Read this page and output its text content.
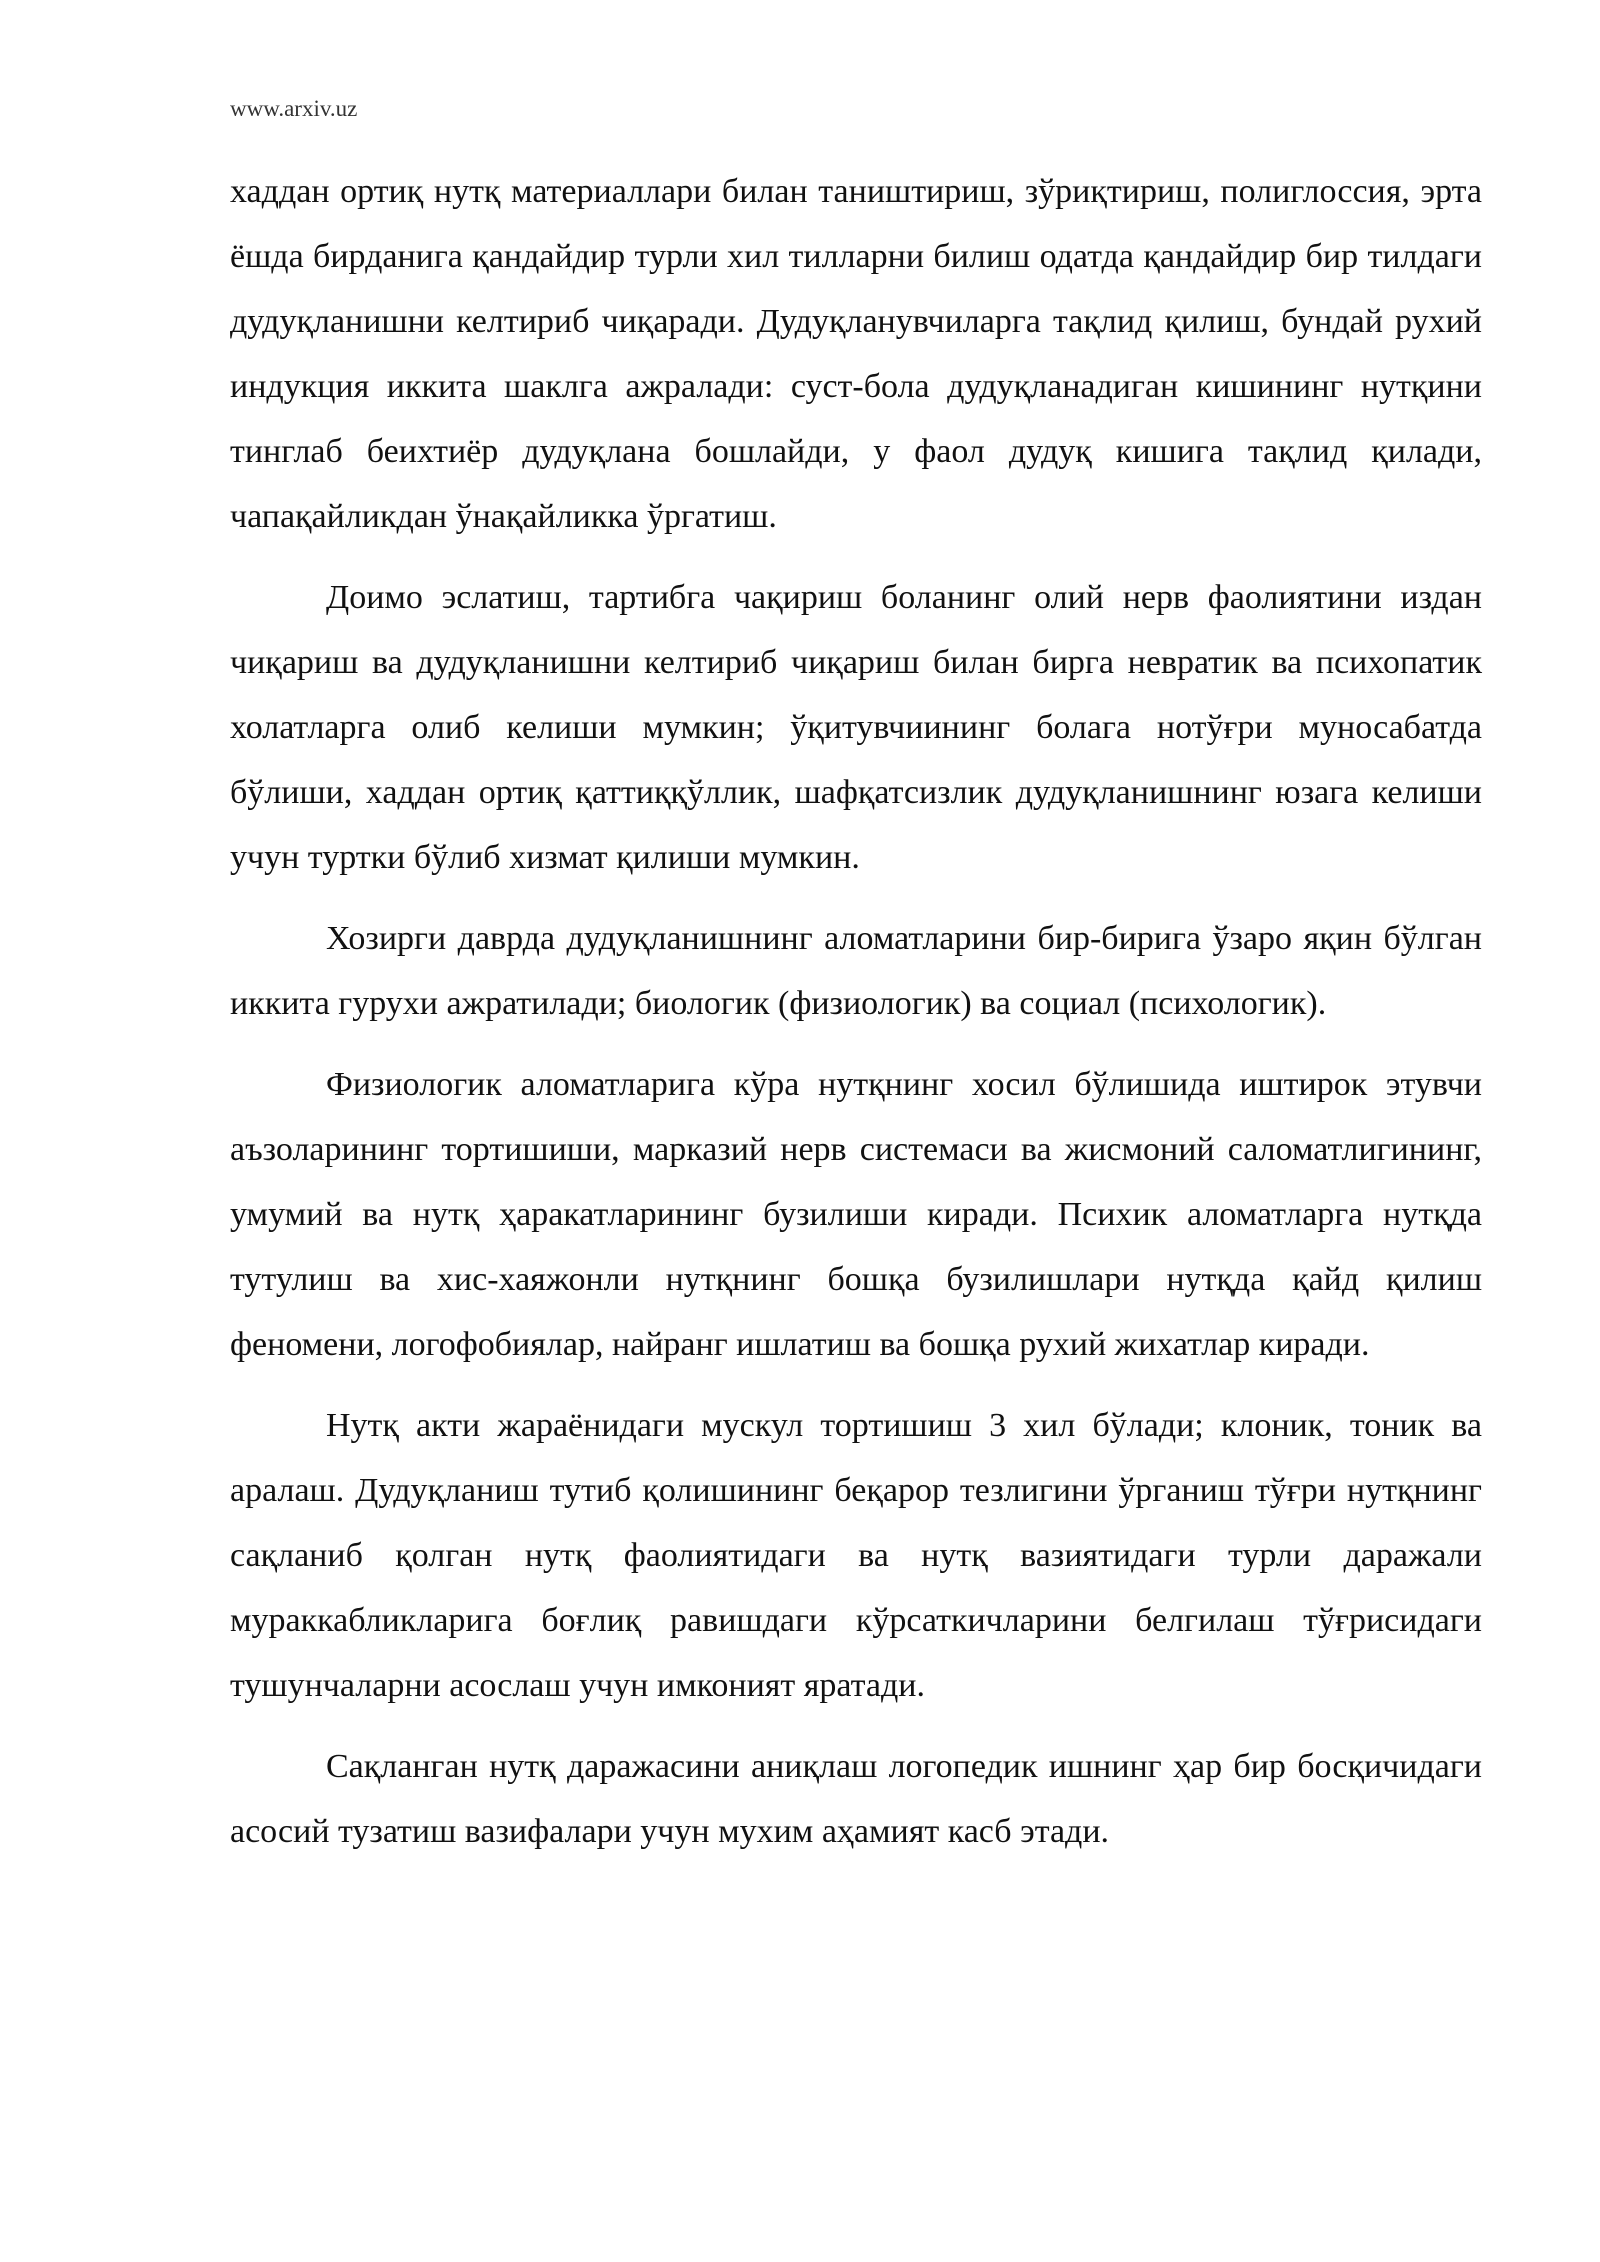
www.arxiv.uz

хаддан ортиқ нутқ материаллари билан таништириш, зўриқтириш, полиглоссия, эрта ёшда бирданига қандайдир турли хил тилларни билиш одатда қандайдир бир тилдаги дудуқланишни келтириб чиқаради. Дудуқланувчиларга тақлид қилиш, бундай рухий индукция иккита шаклга ажралади: суст-бола дудуқланадиган кишининг нутқини тинглаб беихтиёр дудуқлана бошлайди, у фаол дудуқ кишига тақлид қилади, чапақайликдан ўнақайликка ўргатиш.

Доимо эслатиш, тартибга чақириш боланинг олий нерв фаолиятини издан чиқариш ва дудуқланишни келтириб чиқариш билан бирга невратик ва психопатик холатларга олиб келиши мумкин; ўқитувчиининг болага нотўғри муносабатда бўлиши, хаддан ортиқ қаттиққўллик, шафқатсизлик дудуқланишнинг юзага келиши учун туртки бўлиб хизмат қилиши мумкин.

Хозирги даврда дудуқланишнинг аломатларини бир-бирига ўзаро яқин бўлган иккита гурухи ажратилади; биологик (физиологик) ва социал (психологик).

Физиологик аломатларига кўра нутқнинг хосил бўлишида иштирок этувчи аъзоларининг тортишиши, марказий нерв системаси ва жисмоний саломатлигининг, умумий ва нутқ ҳаракатларининг бузилиши киради. Психик аломатларга нутқда тутулиш ва хис-хаяжонли нутқнинг бошқа бузилишлари нутқда қайд қилиш феномени, логофобиялар, найранг ишлатиш ва бошқа рухий жихатлар киради.

Нутқ акти жараёнидаги мускул тортишиш 3 хил бўлади; клоник, тоник ва аралаш. Дудуқланиш тутиб қолишининг беқарор тезлигини ўрганиш тўғри нутқнинг сақланиб қолган нутқ фаолиятидаги ва нутқ вазиятидаги турли даражали мураккабликларига боғлиқ равишдаги кўрсаткичларини белгилаш тўғрисидаги тушунчаларни асослаш учун имконият яратади.

Сақланган нутқ даражасини аниқлаш логопедик ишнинг ҳар бир босқичидаги асосий тузатиш вазифалари учун мухим аҳамият касб этади.
